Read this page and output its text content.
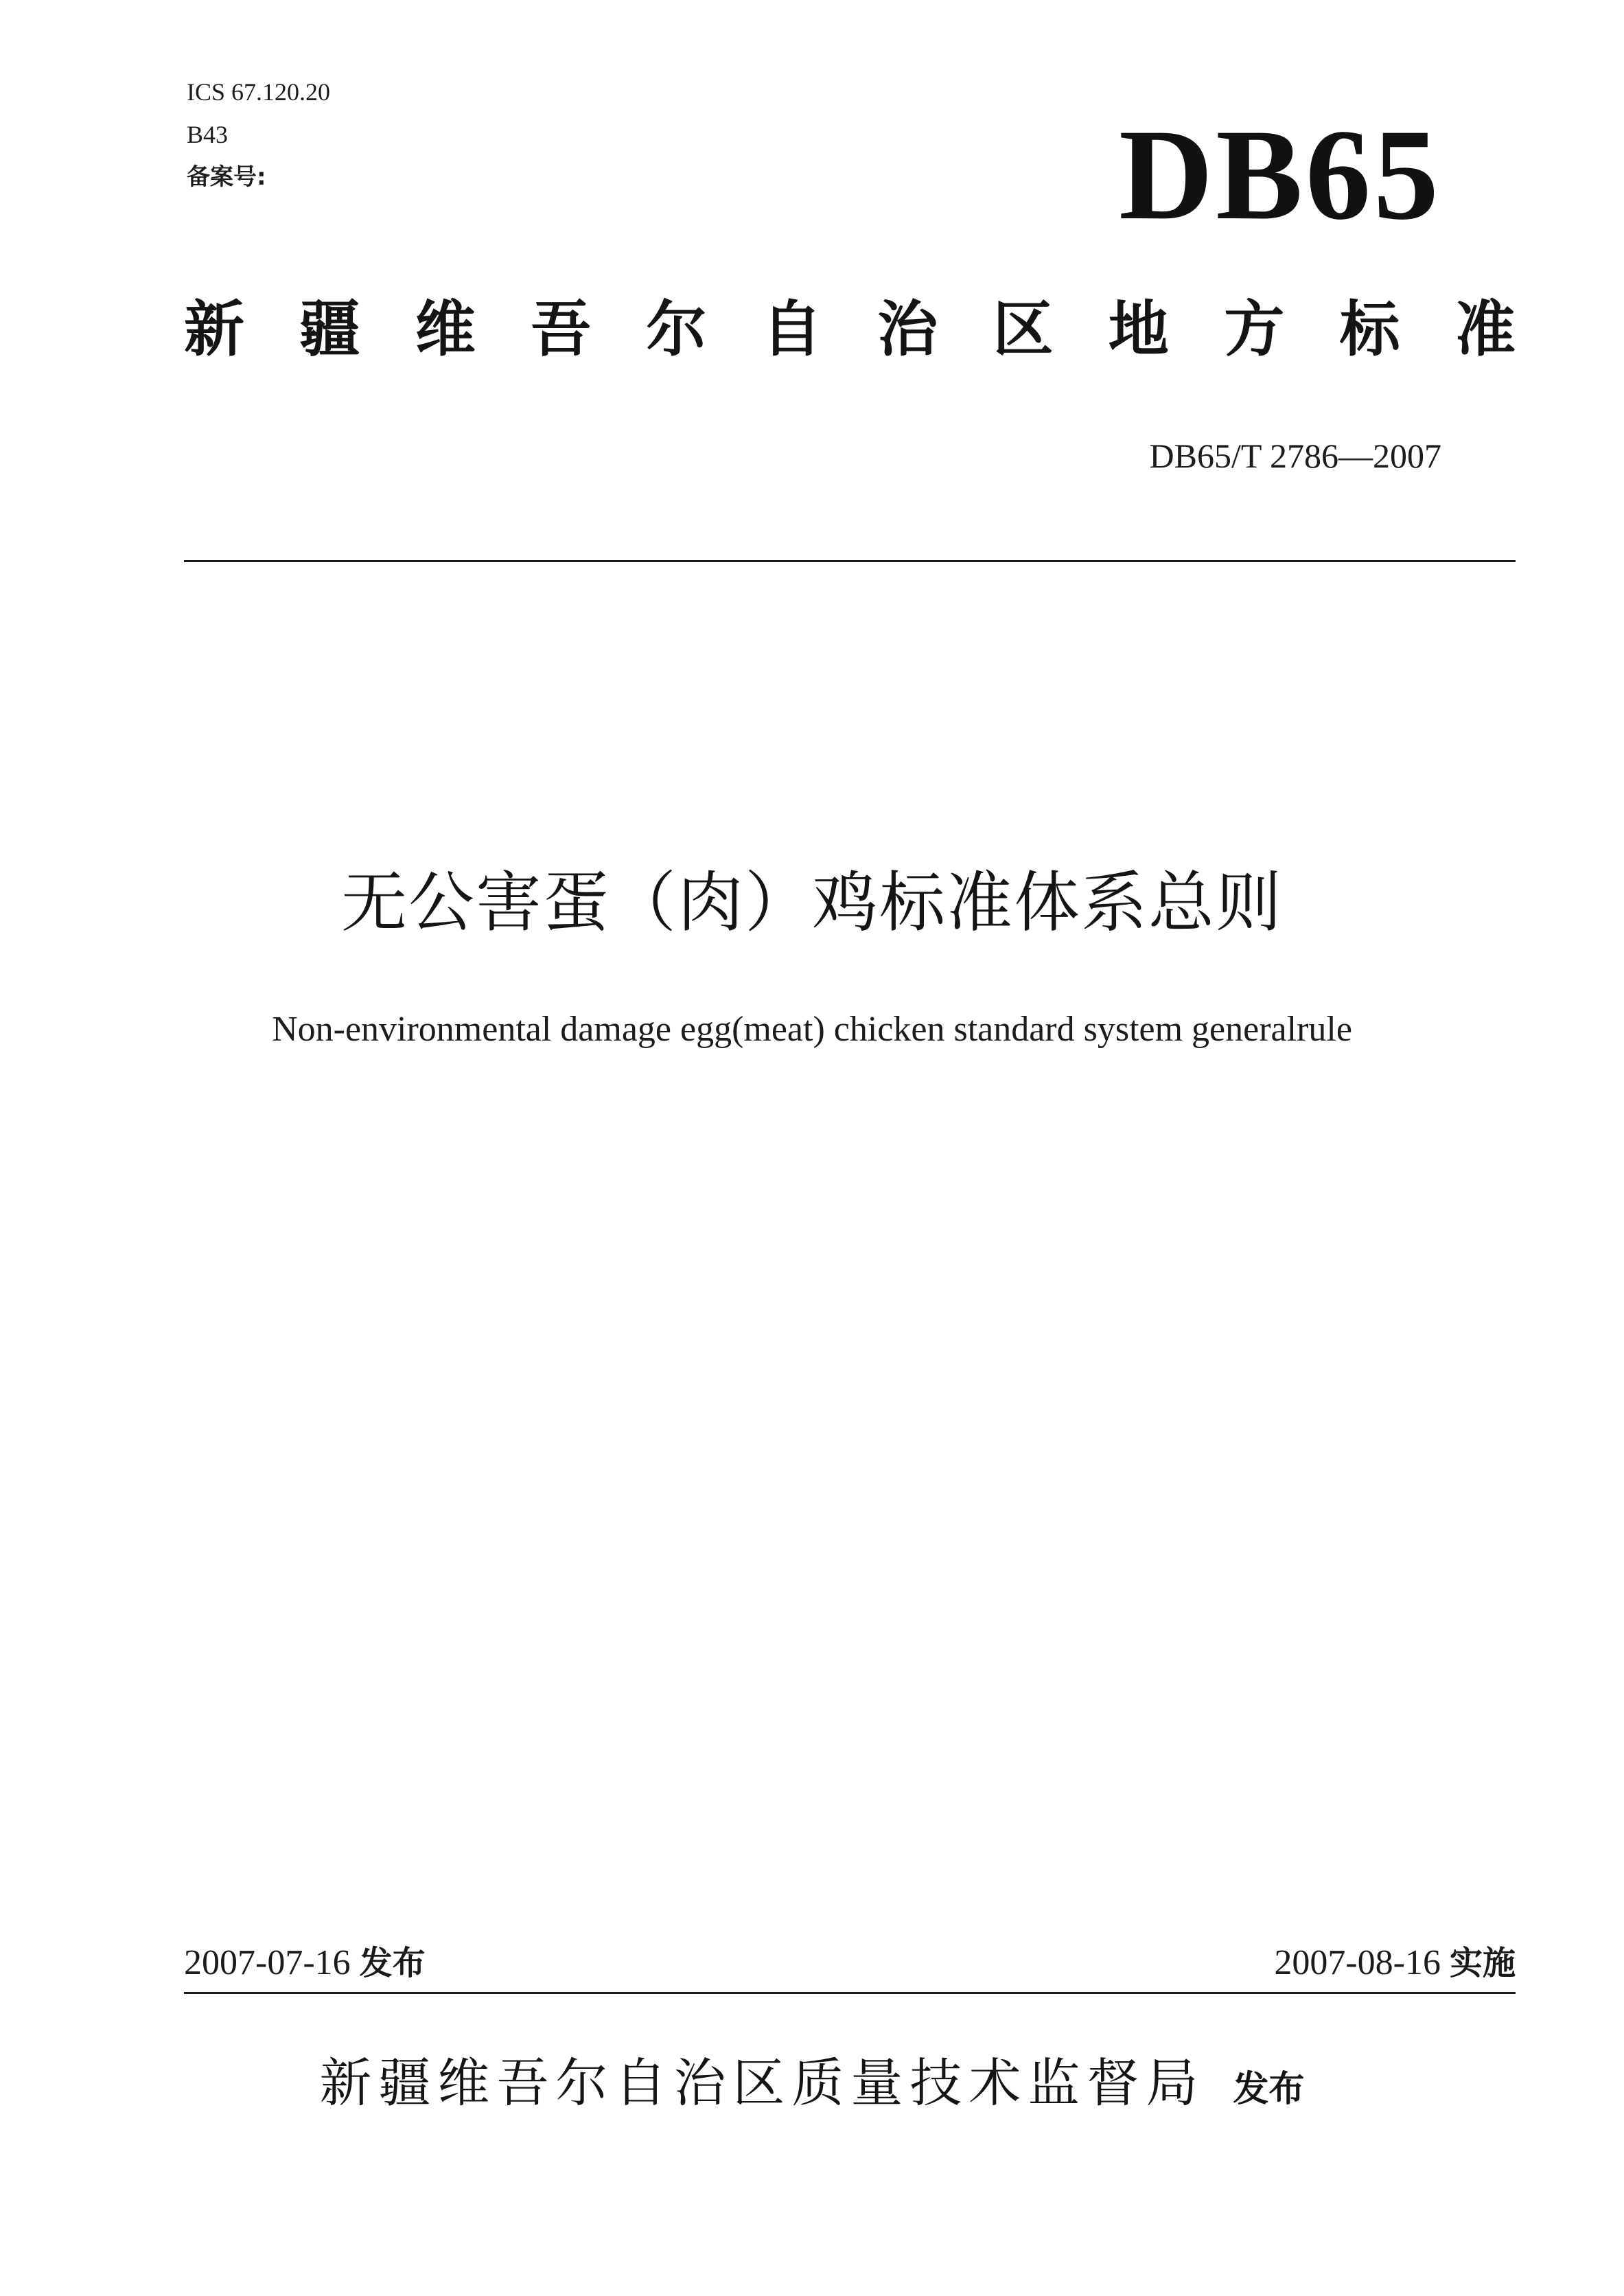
ICS 67.120.20
B43
备案号:	DB65
新 疆 维 吾 尔 自 治 区 地 方 标 准
DB65/T 2786—2007
无公害蛋（肉）鸡标准体系总则
Non-environmental damage egg(meat) chicken standard system generalrule
2007-07-16 发布	2007-08-16 实施
新疆维吾尔自治区质量技术监督局 发布
